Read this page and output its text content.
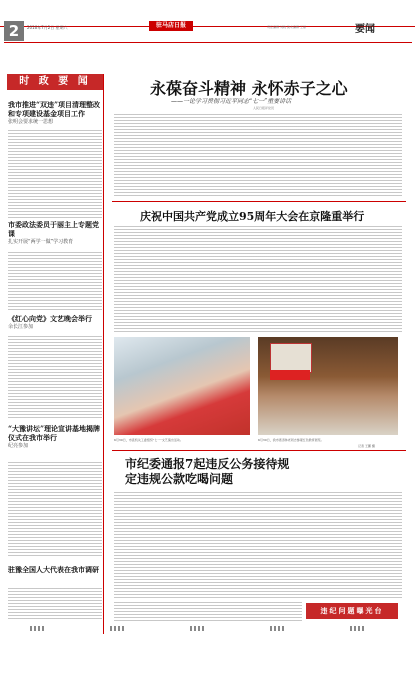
2	2016年7月2日 星期六	驻马店日报	责任编辑 刘晓 美术编辑 王丽	要闻
时 政 要 闻
我市推进“双违”项目清理整改和专项建设基金项目工作
张明会要求统一思想
市委政法委员于丽主上专题党课
扎实开展“两学一做”学习教育
《红心向党》文艺晚会举行
余长江参加
“大豫讲坛”理论宣讲基地揭牌仪式在我市举行
纪亮参加
驻豫全国人大代表在我市调研
永葆奋斗精神 永怀赤子之心
——一论学习贯彻习近平同志“七一”重要讲话
人民日报评论员
庆祝中国共产党成立95周年大会在京隆重举行
6月30日，市直机关工委组织“七一”文艺演出活动。	6月30日，我市离退休老同志参观红色教育展览。
记者 王鹏 摄
市纪委通报7起违反公务接待规定违规公款吃喝问题
违纪问题曝光台
